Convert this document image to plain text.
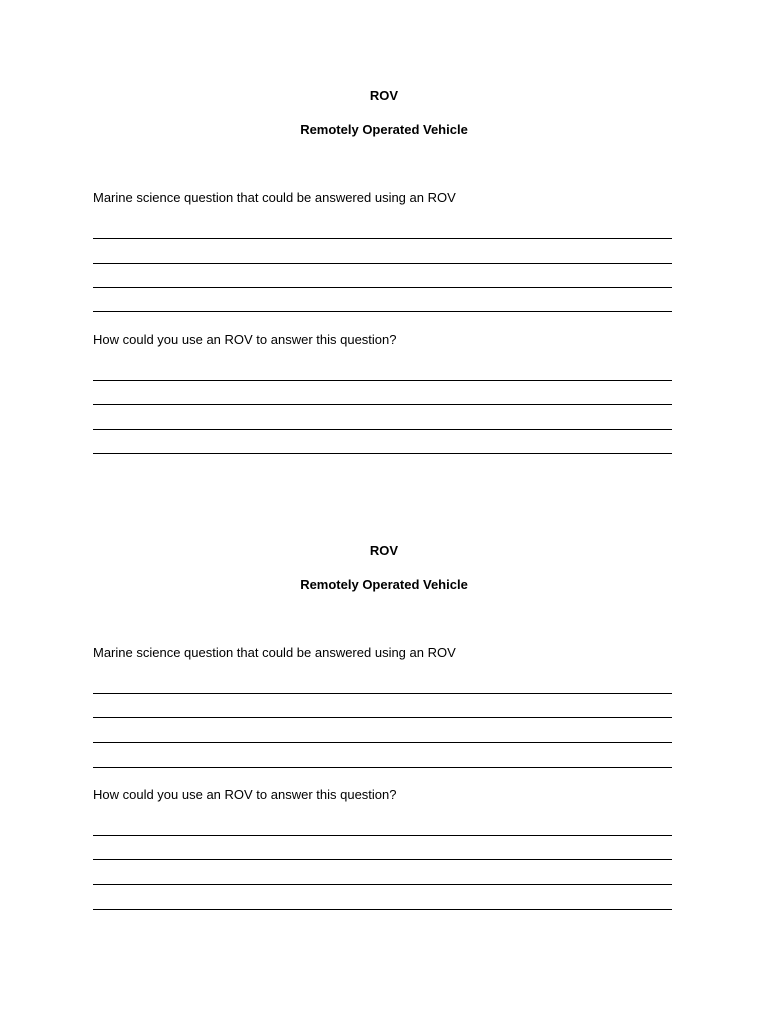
ROV

Remotely Operated Vehicle

Marine science question that could be answered using an ROV

How could you use an ROV to answer this question?

ROV

Remotely Operated Vehicle

Marine science question that could be answered using an ROV

How could you use an ROV to answer this question?
